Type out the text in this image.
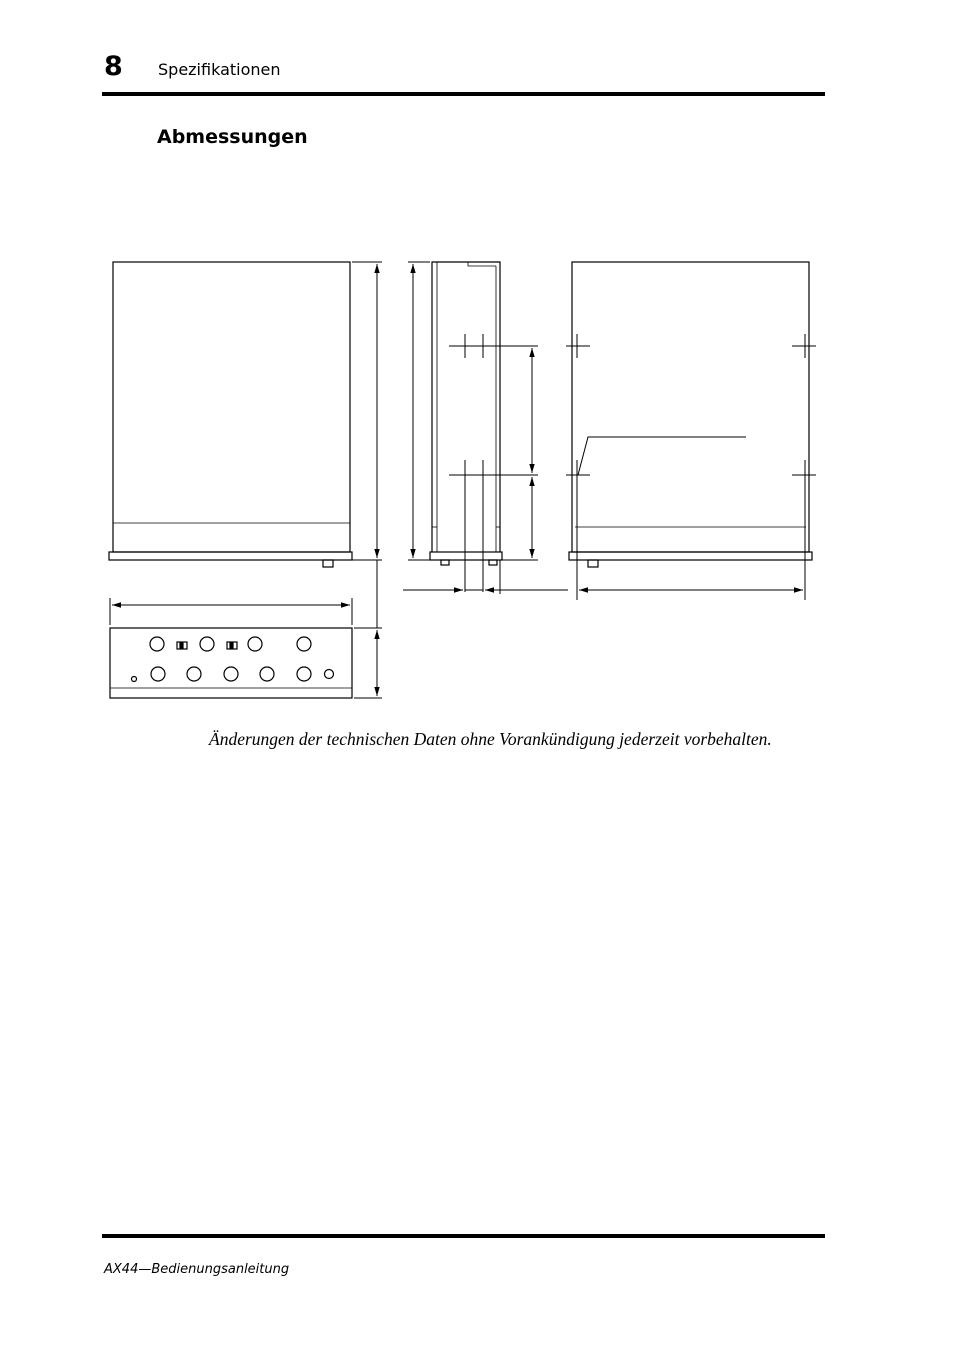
8 Spezifikationen
Abmessungen
Änderungen der technischen Daten ohne Vorankündigung jederzeit vorbehalten.
AX44—Bedienungsanleitung
